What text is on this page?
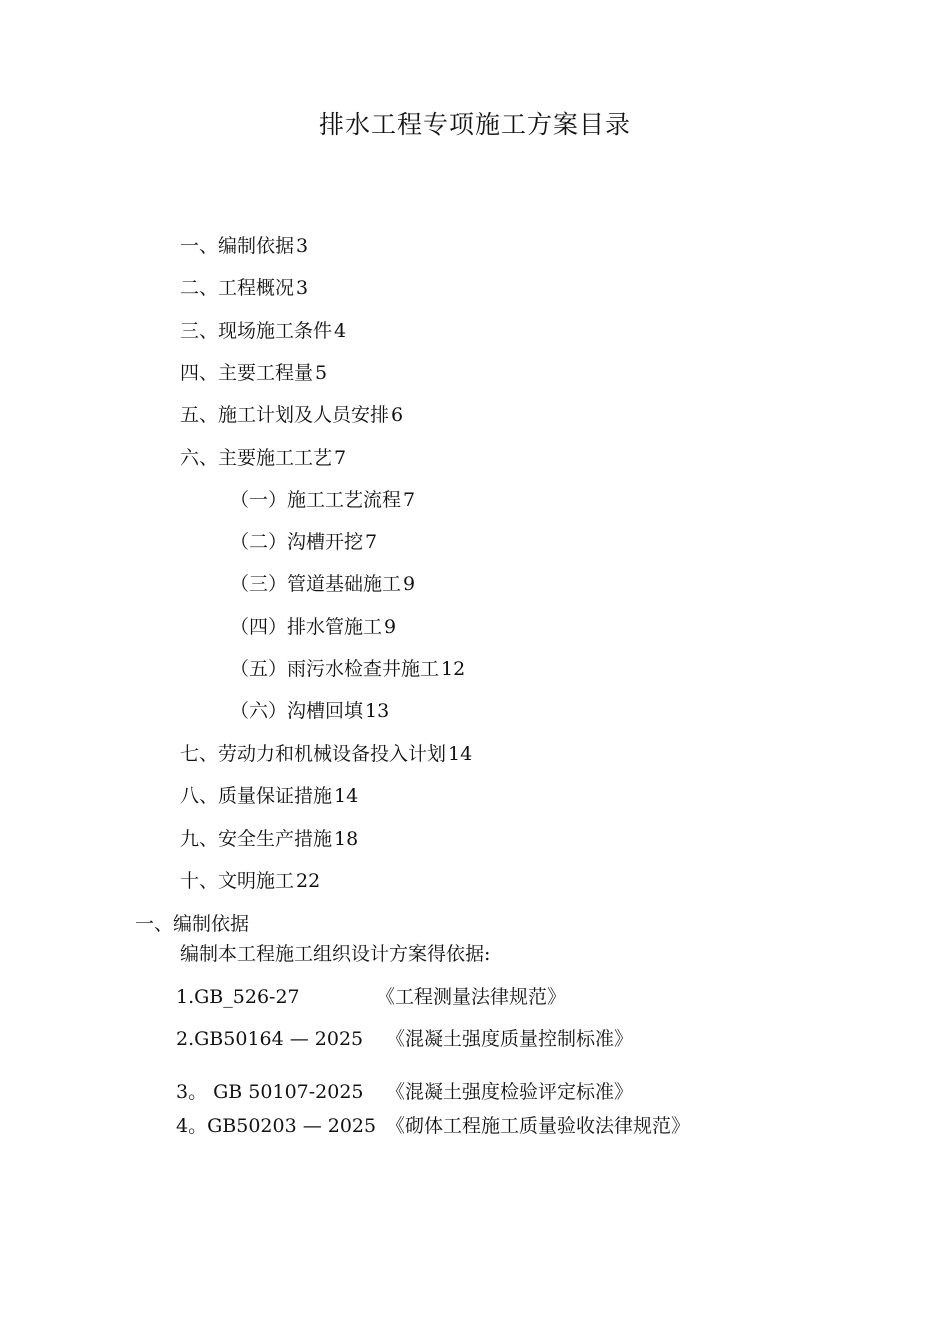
排水工程专项施工方案目录
一、编制依据 3
二、工程概况 3
三、现场施工条件 4
四、主要工程量 5
五、施工计划及人员安排 6
六、主要施工工艺 7
（一）施工工艺流程 7
（二）沟槽开挖 7
（三）管道基础施工 9
（四）排水管施工 9
（五）雨污水检查井施工 12
（六）沟槽回填 13
七、劳动力和机械设备投入计划 14
八、质量保证措施 14
九、安全生产措施 18
十、文明施工 22
一、编制依据
编制本工程施工组织设计方案得依据:
1.GB_526-27	《工程测量法律规范》
2.GB50164 — 2025 《混凝土强度质量控制标准》
3。 GB 50107-2025 《混凝土强度检验评定标准》
4。GB50203 — 2025 《砌体工程施工质量验收法律规范》
